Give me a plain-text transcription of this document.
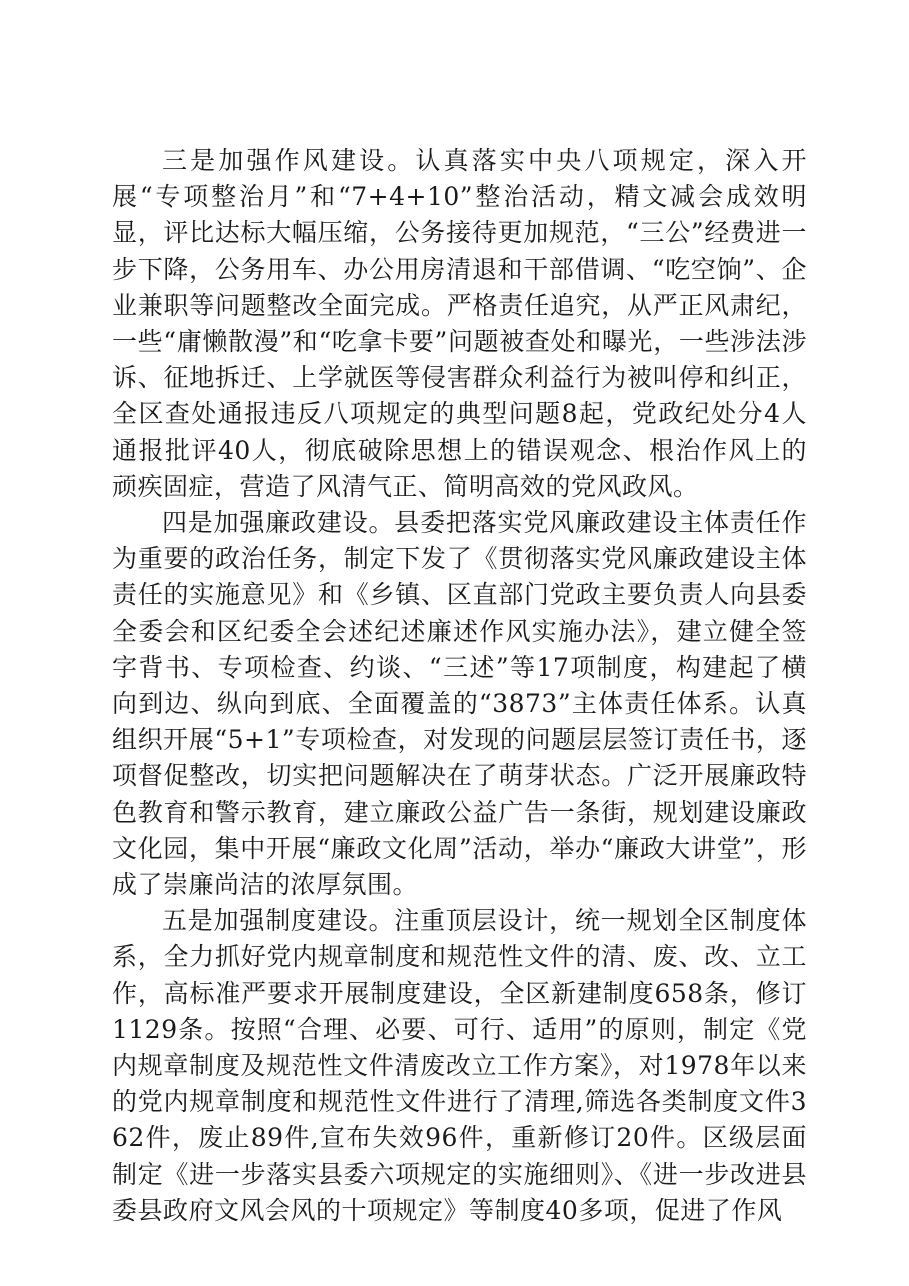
三是加强作风建设。认真落实中央八项规定，深入开展“专项整治月”和“7+4+10”整治活动，精文减会成效明显，评比达标大幅压缩，公务接待更加规范，“三公”经费进一步下降，公务用车、办公用房清退和干部借调、“吃空饷”、企业兼职等问题整改全面完成。严格责任追究，从严正风肃纪，一些“庸懒散漫”和“吃拿卡要”问题被查处和曝光，一些涉法涉诉、征地拆迁、上学就医等侵害群众利益行为被叫停和纠正，全区查处通报违反八项规定的典型问题8起，党政纪处分4人通报批评40人，彻底破除思想上的错误观念、根治作风上的顽疾固症，营造了风清气正、简明高效的党风政风。

四是加强廉政建设。县委把落实党风廉政建设主体责任作为重要的政治任务，制定下发了《贯彻落实党风廉政建设主体责任的实施意见》和《乡镇、区直部门党政主要负责人向县委全委会和区纪委全会述纪述廉述作风实施办法》，建立健全签字背书、专项检查、约谈、“三述”等17项制度，构建起了横向到边、纵向到底、全面覆盖的“3873”主体责任体系。认真组织开展“5+1”专项检查，对发现的问题层层签订责任书，逐项督促整改，切实把问题解决在了萌芽状态。广泛开展廉政特色教育和警示教育，建立廉政公益广告一条街，规划建设廉政文化园，集中开展“廉政文化周”活动，举办“廉政大讲堂”，形成了崇廉尚洁的浓厚氛围。

五是加强制度建设。注重顶层设计，统一规划全区制度体系，全力抓好党内规章制度和规范性文件的清、废、改、立工作，高标准严要求开展制度建设，全区新建制度658条，修订1129条。按照“合理、必要、可行、适用”的原则，制定《党内规章制度及规范性文件清废改立工作方案》，对1978年以来的党内规章制度和规范性文件进行了清理,筛选各类制度文件362件，废止89件,宣布失效96件，重新修订20件。区级层面制定《进一步落实县委六项规定的实施细则》、《进一步改进县委县政府文风会风的十项规定》等制度40多项，促进了作风
